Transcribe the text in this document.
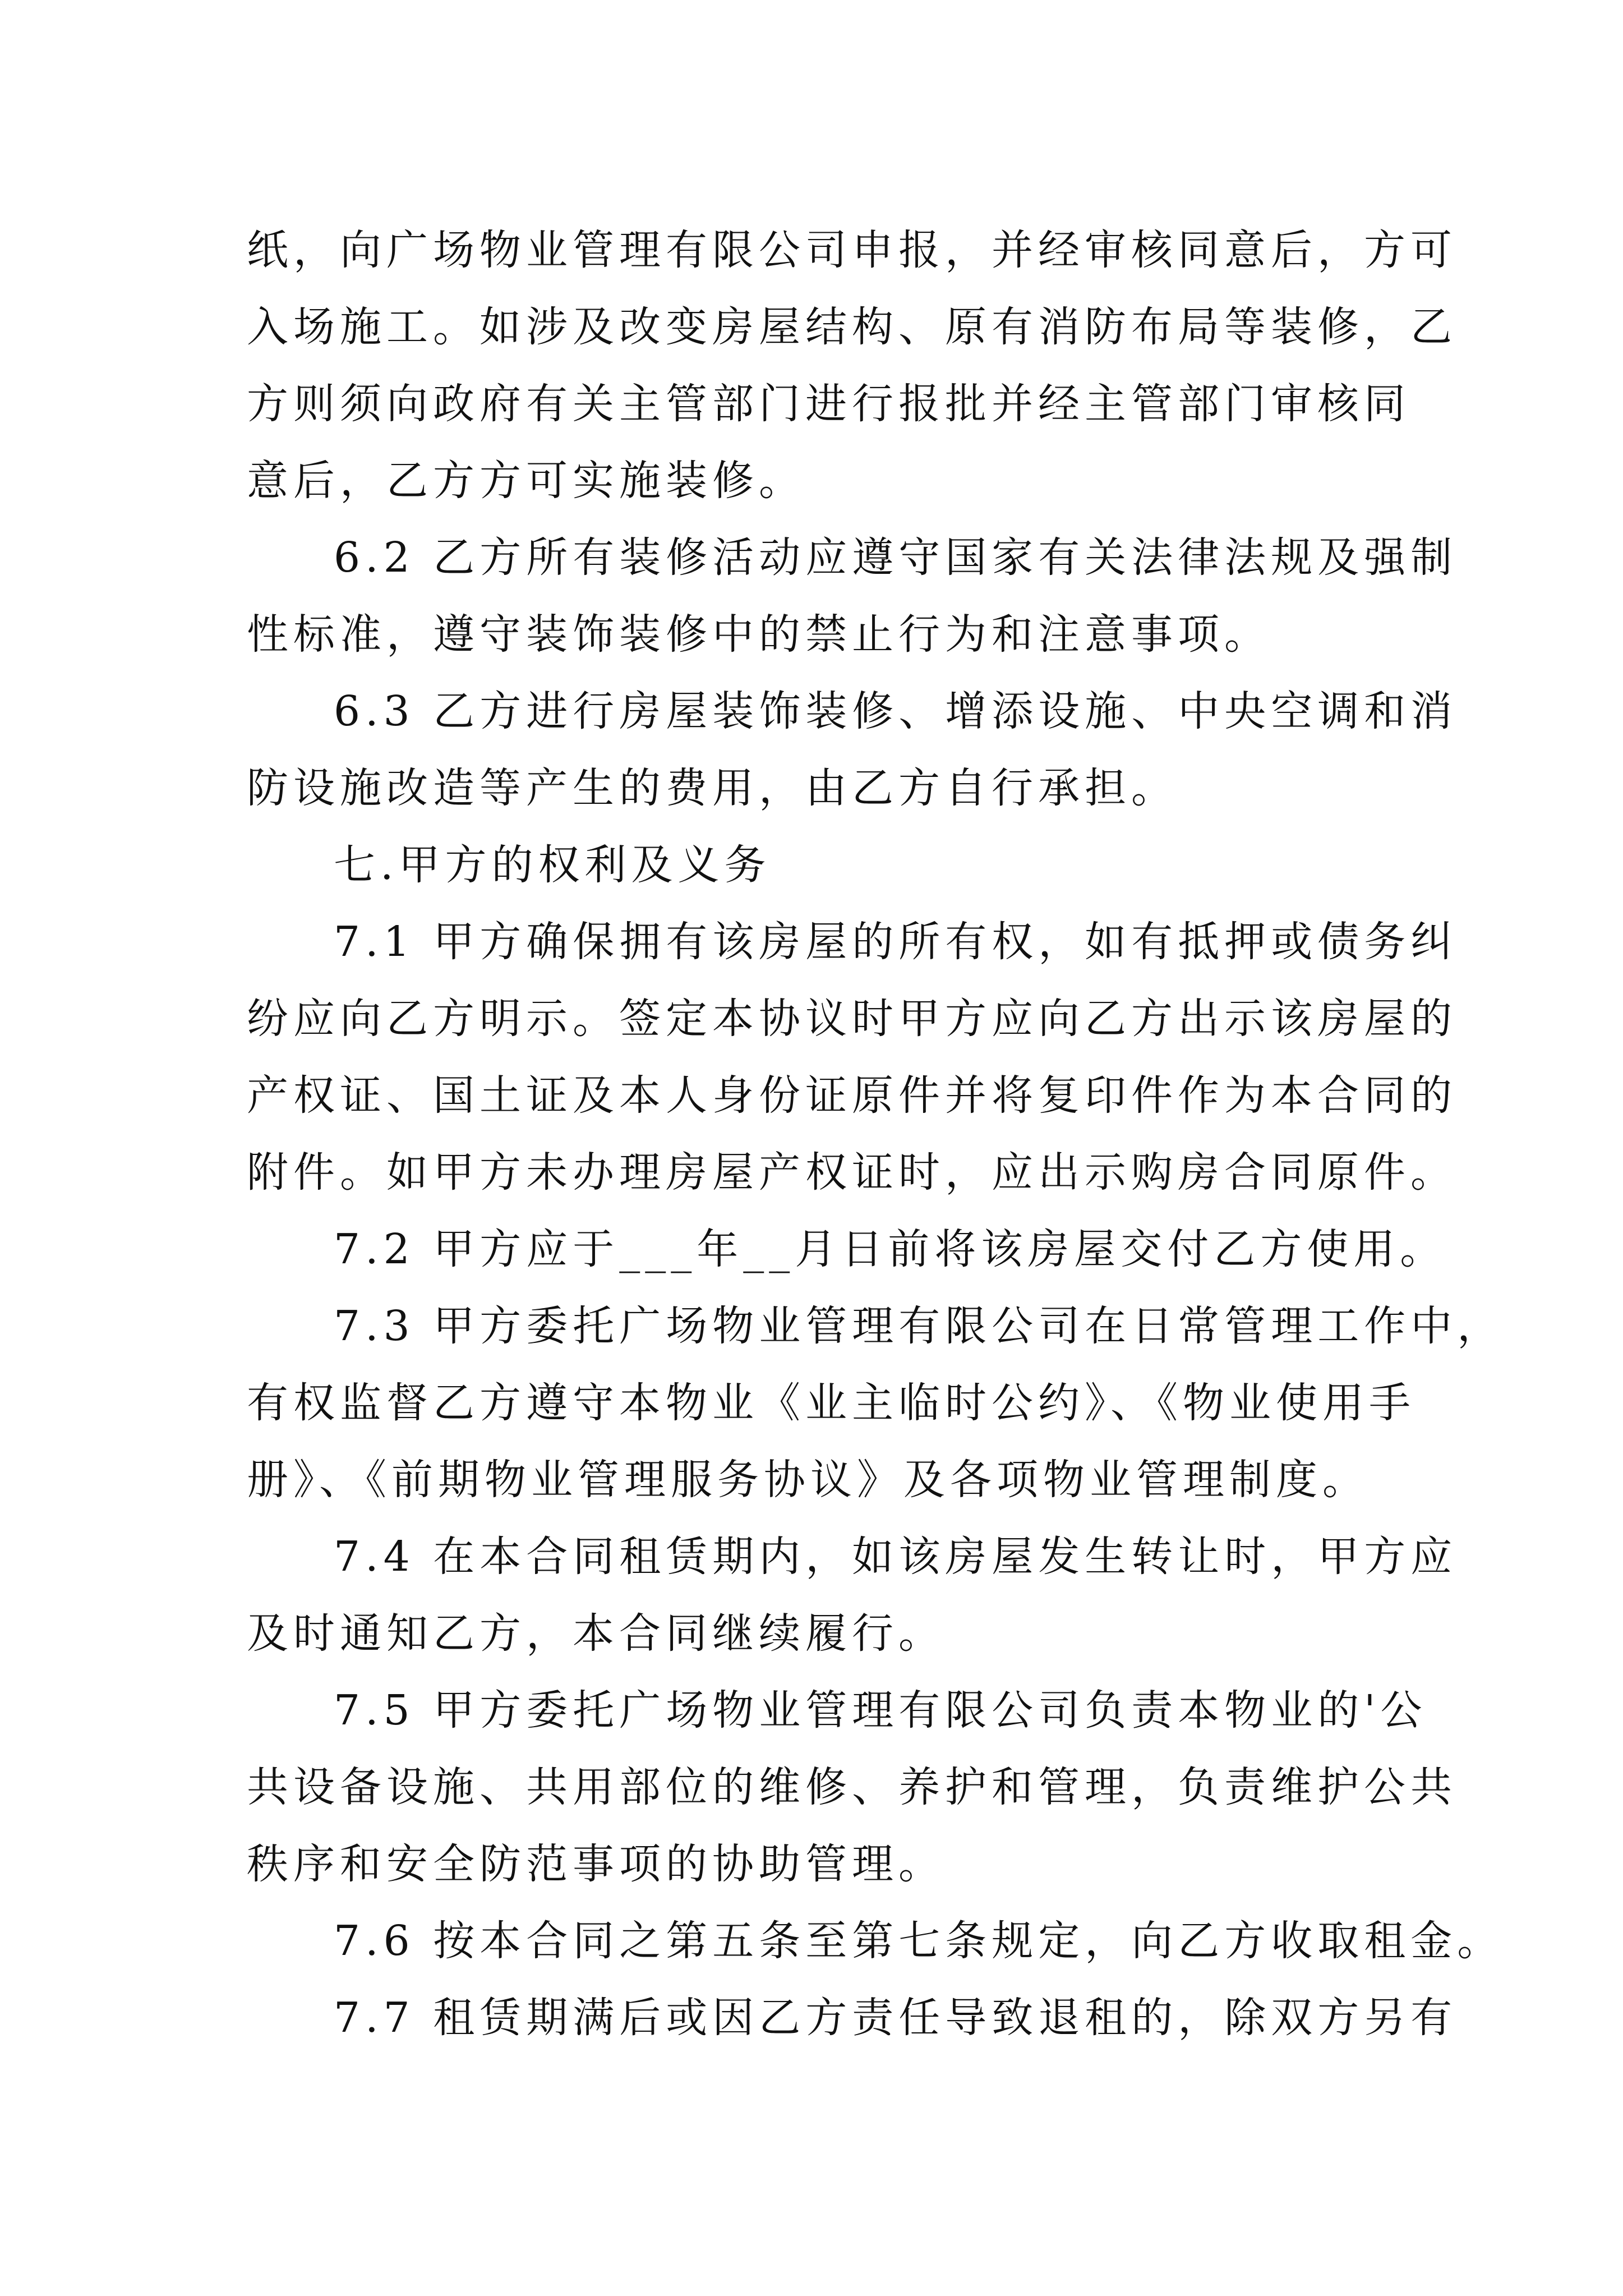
纸，向广场物业管理有限公司申报，并经审核同意后，方可
入场施工。如涉及改变房屋结构、原有消防布局等装修，乙
方则须向政府有关主管部门进行报批并经主管部门审核同
意后，乙方方可实施装修。
6.2 乙方所有装修活动应遵守国家有关法律法规及强制
性标准，遵守装饰装修中的禁止行为和注意事项。
6.3 乙方进行房屋装饰装修、增添设施、中央空调和消
防设施改造等产生的费用，由乙方自行承担。
七.甲方的权利及义务
7.1 甲方确保拥有该房屋的所有权，如有抵押或债务纠
纷应向乙方明示。签定本协议时甲方应向乙方出示该房屋的
产权证、国土证及本人身份证原件并将复印件作为本合同的
附件。如甲方未办理房屋产权证时，应出示购房合同原件。
7.2 甲方应于___年__月日前将该房屋交付乙方使用。
7.3 甲方委托广场物业管理有限公司在日常管理工作中，
有权监督乙方遵守本物业《业主临时公约》、《物业使用手
册》、《前期物业管理服务协议》及各项物业管理制度。
7.4 在本合同租赁期内，如该房屋发生转让时，甲方应
及时通知乙方，本合同继续履行。
7.5 甲方委托广场物业管理有限公司负责本物业的'公
共设备设施、共用部位的维修、养护和管理，负责维护公共
秩序和安全防范事项的协助管理。
7.6 按本合同之第五条至第七条规定，向乙方收取租金。
7.7 租赁期满后或因乙方责任导致退租的，除双方另有
